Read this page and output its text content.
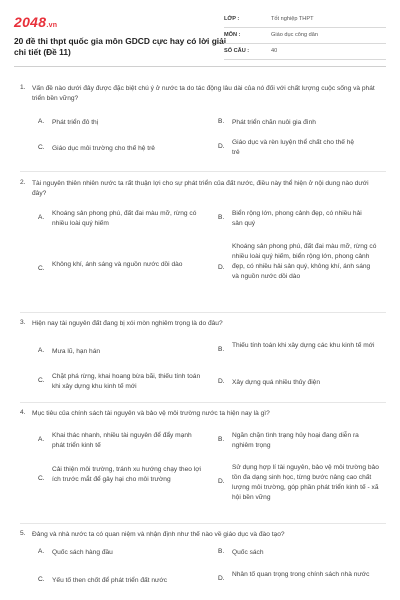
2048.vn
20 đề thi thpt quốc gia môn GDCD cực hay có lời giải chi tiết (Đề 11)
LỚP :	Tốt nghiệp THPT
MÔN :	Giáo dục công dân
SỐ CÂU :	40
1. Vấn đề nào dưới đây được đặc biệt chú ý ở nước ta do tác động lâu dài của nó đối với chất lượng cuộc sống và phát triển bền vững?
A. Phát triển đô thị	B. Phát triển chăn nuôi gia đình
C. Giáo dục môi trường cho thế hệ trẻ	D.
Giáo dục và rèn luyện thể chất cho thế hệ trẻ
2. Tài nguyên thiên nhiên nước ta rất thuận lợi cho sự phát triển của đất nước, điều này thể hiện ở nội dung nào dưới đây?
A.
Khoáng sản phong phú, đất đai màu mỡ, rừng có nhiều loài quý hiếm
B.
Biển rộng lớn, phong cảnh đẹp, có nhiều hải sản quý
C.
Không khí, ánh sáng và nguồn nước dồi dào	D.
Khoáng sản phong phú, đất đai màu mỡ, rừng có nhiều loài quý hiếm, biển rộng lớn, phong cảnh đẹp, có nhiều hải sản quý, không khí, ánh sáng và nguồn nước dồi dào
3. Hiện nay tài nguyên đất đang bị xói mòn nghiêm trọng là do đâu?
A. Mưa lũ, hạn hán	B.
Thiếu tính toán khi xây dựng các khu kinh tế mới
C.
Chặt phá rừng, khai hoang bừa bãi, thiếu tính toán khi xây dựng khu kinh tế mới
D. Xây dựng quá nhiều thủy điện
4. Mục tiêu của chính sách tài nguyên và bảo vệ môi trường nước ta hiện nay là gì?
A.
Khai thác nhanh, nhiều tài nguyên để đẩy mạnh phát triển kinh tế
B.
Ngăn chặn tình trạng hủy hoại đang diễn ra nghiêm trọng
C.
Cải thiện môi trường, tránh xu hướng chạy theo lợi ích trước mắt để gây hại cho môi trường	D.
Sử dụng hợp lí tài nguyên, bảo vệ môi trường bảo tồn đa dạng sinh học, từng bước nâng cao chất lượng môi trường, góp phần phát triển kinh tế - xã hội bền vững
5. Đảng và nhà nước ta có quan niệm và nhận định như thế nào về giáo dục và đào tạo?
A. Quốc sách hàng đầu	B. Quốc sách
C. Yếu tố then chốt để phát triển đất nước	D.
Nhân tố quan trọng trong chính sách nhà nước
